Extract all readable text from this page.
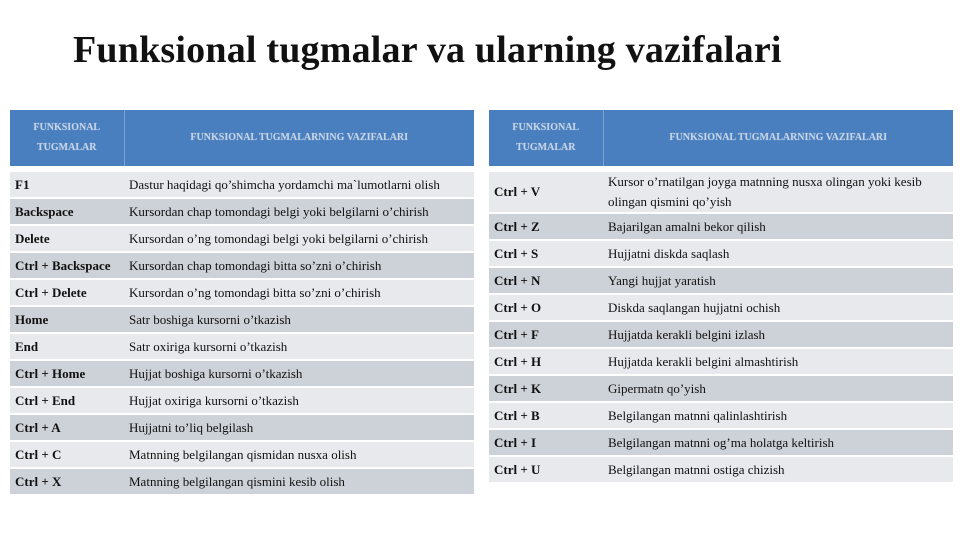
Funksional tugmalar va ularning vazifalari
FUNKSIONAL TUGMALAR	FUNKSIONAL TUGMALARNING VAZIFALARI

F1	Dastur haqidagi qo’shimcha yordamchi ma`lumotlarni olish
Backspace	Kursordan chap tomondagi belgi yoki belgilarni o’chirish
Delete	Kursordan o’ng tomondagi belgi yoki belgilarni o’chirish
Ctrl + Backspace	Kursordan chap tomondagi bitta so’zni o’chirish
Ctrl + Delete	Kursordan o’ng tomondagi bitta so’zni o’chirish
Home	Satr boshiga kursorni o’tkazish
End	Satr oxiriga kursorni o’tkazish
Ctrl + Home	Hujjat boshiga kursorni o’tkazish
Ctrl + End	Hujjat oxiriga kursorni o’tkazish
Ctrl + A	Hujjatni to’liq belgilash
Ctrl + C	Matnning belgilangan qismidan nusxa olish
Ctrl + X	Matnning belgilangan qismini kesib olish
FUNKSIONAL TUGMALAR	FUNKSIONAL TUGMALARNING VAZIFALARI

Ctrl + V	Kursor o’rnatilgan joyga matnning nusxa olingan yoki kesib olingan qismini qo’yish
Ctrl + Z	Bajarilgan amalni bekor qilish
Ctrl + S	Hujjatni diskda saqlash
Ctrl + N	Yangi hujjat yaratish
Ctrl + O	Diskda saqlangan hujjatni ochish
Ctrl + F	Hujjatda kerakli belgini izlash
Ctrl + H	Hujjatda kerakli belgini almashtirish
Ctrl + K	Gipermatn qo’yish
Ctrl + B	Belgilangan matnni qalinlashtirish
Ctrl + I	Belgilangan matnni og’ma holatga keltirish
Ctrl + U	Belgilangan matnni ostiga chizish
